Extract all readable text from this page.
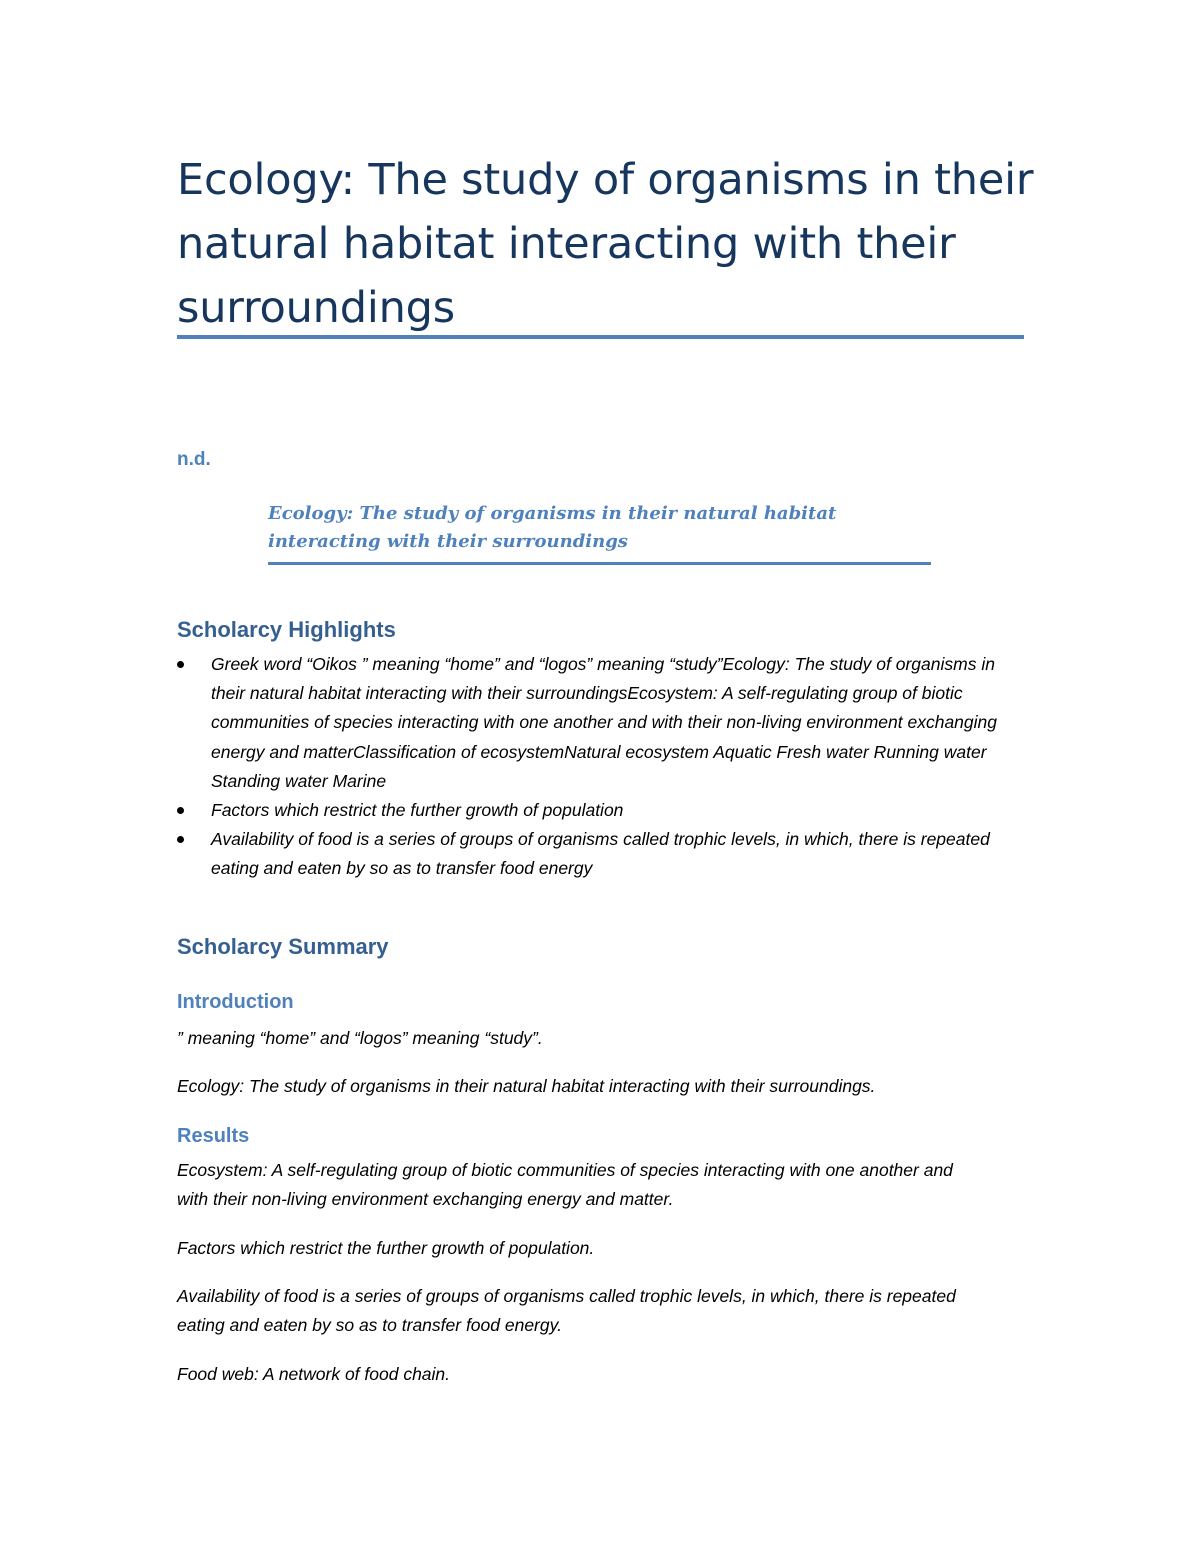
Ecology: The study of organisms in their natural habitat interacting with their surroundings

n.d.

Ecology: The study of organisms in their natural habitat interacting with their surroundings

Scholarcy Highlights
Greek word “Oikos ” meaning “home” and “logos” meaning “study”Ecology: The study of organisms in their natural habitat interacting with their surroundingsEcosystem: A self-regulating group of biotic communities of species interacting with one another and with their non-living environment exchanging energy and matterClassification of ecosystemNatural ecosystem Aquatic Fresh water Running water Standing water Marine
Factors which restrict the further growth of population
Availability of food is a series of groups of organisms called trophic levels, in which, there is repeated eating and eaten by so as to transfer food energy
Scholarcy Summary
Introduction

” meaning “home” and “logos” meaning “study”.

Ecology: The study of organisms in their natural habitat interacting with their surroundings.

Results

Ecosystem: A self-regulating group of biotic communities of species interacting with one another and with their non-living environment exchanging energy and matter.

Factors which restrict the further growth of population.

Availability of food is a series of groups of organisms called trophic levels, in which, there is repeated eating and eaten by so as to transfer food energy.

Food web: A network of food chain.
